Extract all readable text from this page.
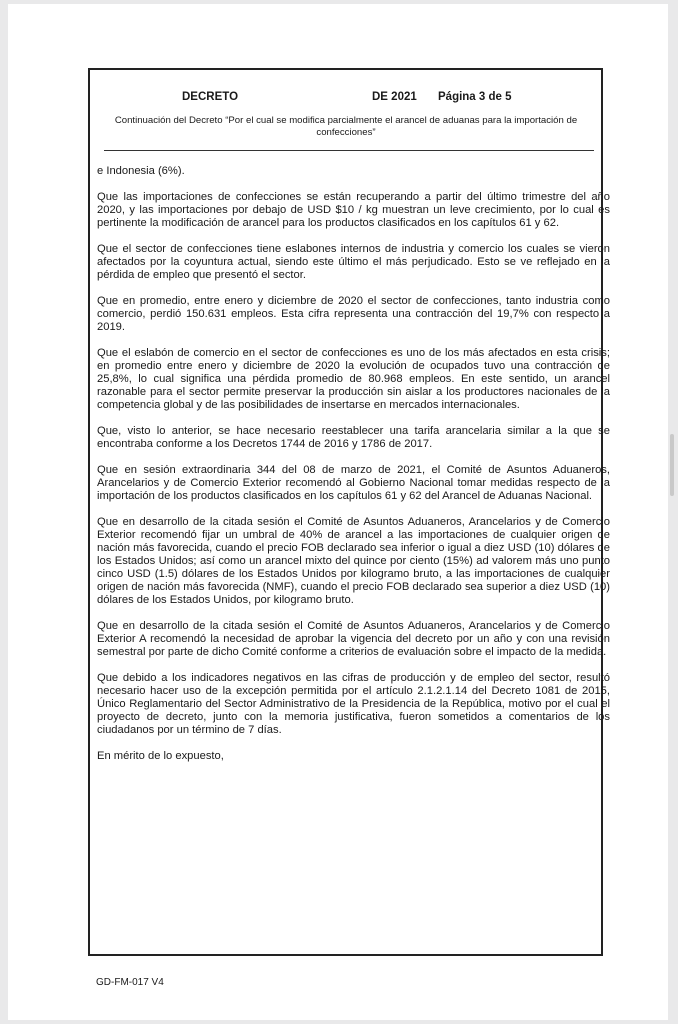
DECRETO	DE 2021 Página 3 de 5
Continuación del Decreto “Por el cual se modifica parcialmente el arancel de aduanas para la importación de confecciones”

e Indonesia (6%).

Que las importaciones de confecciones se están recuperando a partir del último trimestre del año 2020, y las importaciones por debajo de USD $10 / kg muestran un leve crecimiento, por lo cual es pertinente la modificación de arancel para los productos clasificados en los capítulos 61 y 62.

Que el sector de confecciones tiene eslabones internos de industria y comercio los cuales se vieron afectados por la coyuntura actual, siendo este último el más perjudicado. Esto se ve reflejado en la pérdida de empleo que presentó el sector.

Que en promedio, entre enero y diciembre de 2020 el sector de confecciones, tanto industria como comercio, perdió 150.631 empleos. Esta cifra representa una contracción del 19,7% con respecto a 2019.

Que el eslabón de comercio en el sector de confecciones es uno de los más afectados en esta crisis; en promedio entre enero y diciembre de 2020 la evolución de ocupados tuvo una contracción de 25,8%, lo cual significa una pérdida promedio de 80.968 empleos. En este sentido, un arancel razonable para el sector permite preservar la producción sin aislar a los productores nacionales de la competencia global y de las posibilidades de insertarse en mercados internacionales.

Que, visto lo anterior, se hace necesario reestablecer una tarifa arancelaria similar a la que se encontraba conforme a los Decretos 1744 de 2016 y 1786 de 2017.

Que en sesión extraordinaria 344 del 08 de marzo de 2021, el Comité de Asuntos Aduaneros, Arancelarios y de Comercio Exterior recomendó al Gobierno Nacional tomar medidas respecto de la importación de los productos clasificados en los capítulos 61 y 62 del Arancel de Aduanas Nacional.

Que en desarrollo de la citada sesión el Comité de Asuntos Aduaneros, Arancelarios y de Comercio Exterior recomendó fijar un umbral de 40% de arancel a las importaciones de cualquier origen de nación más favorecida, cuando el precio FOB declarado sea inferior o igual a diez USD (10) dólares de los Estados Unidos; así como un arancel mixto del quince por ciento (15%) ad valorem más uno punto cinco USD (1.5) dólares de los Estados Unidos por kilogramo bruto, a las importaciones de cualquier origen de nación más favorecida (NMF), cuando el precio FOB declarado sea superior a diez USD (10) dólares de los Estados Unidos, por kilogramo bruto.

Que en desarrollo de la citada sesión el Comité de Asuntos Aduaneros, Arancelarios y de Comercio Exterior A recomendó la necesidad de aprobar la vigencia del decreto por un año y con una revisión semestral por parte de dicho Comité conforme a criterios de evaluación sobre el impacto de la medida.

Que debido a los indicadores negativos en las cifras de producción y de empleo del sector, resultó necesario hacer uso de la excepción permitida por el artículo 2.1.2.1.14 del Decreto 1081 de 2015, Único Reglamentario del Sector Administrativo de la Presidencia de la República, motivo por el cual el proyecto de decreto, junto con la memoria justificativa, fueron sometidos a comentarios de los ciudadanos por un término de 7 días.

En mérito de lo expuesto,

GD-FM-017 V4
